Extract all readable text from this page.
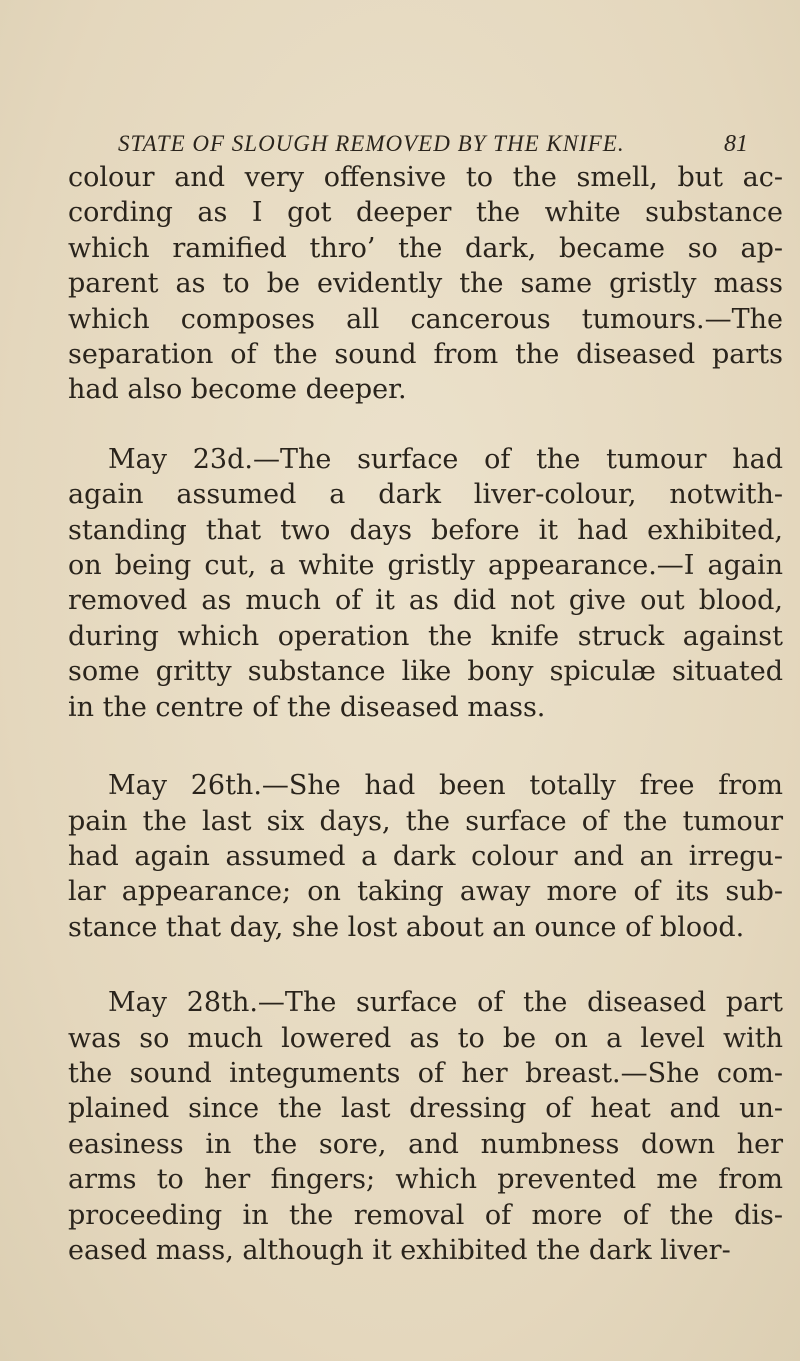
STATE OF SLOUGH REMOVED BY THE KNIFE.	81

colour and very offensive to the smell, but ac-
cording as I got deeper the white substance
which ramified thro’ the dark, became so ap-
parent as to be evidently the same gristly mass
which composes all cancerous tumours.—The
separation of the sound from the diseased parts
had also become deeper.

May 23d.—The surface of the tumour had
again assumed a dark liver-colour, notwith-
standing that two days before it had exhibited,
on being cut, a white gristly appearance.—I again
removed as much of it as did not give out blood,
during which operation the knife struck against
some gritty substance like bony spiculæ situated
in the centre of the diseased mass.

May 26th.—She had been totally free from
pain the last six days, the surface of the tumour
had again assumed a dark colour and an irregu-
lar appearance; on taking away more of its sub-
stance that day, she lost about an ounce of blood.

May 28th.—The surface of the diseased part
was so much lowered as to be on a level with
the sound integuments of her breast.—She com-
plained since the last dressing of heat and un-
easiness in the sore, and numbness down her
arms to her fingers; which prevented me from
proceeding in the removal of more of the dis-
eased mass, although it exhibited the dark liver-
